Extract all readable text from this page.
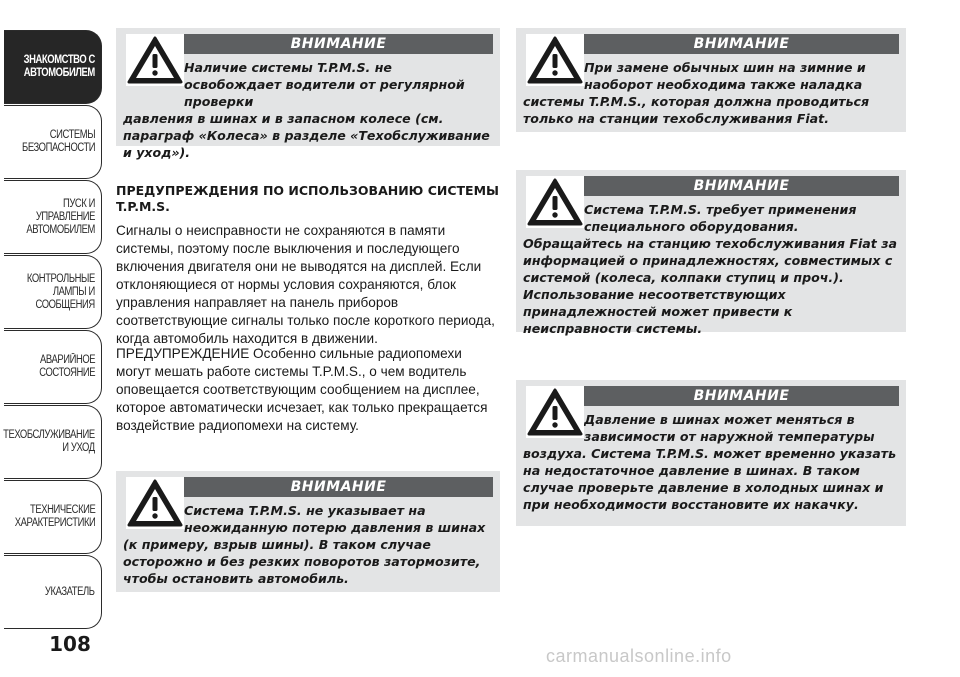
ЗНАКОМСТВО С
АВТОМОБИЛЕМ
СИСТЕМЫ
БЕЗОПАСНОСТИ
ПУСК И УПРАВЛЕНИЕ
АВТОМОБИЛЕМ
КОНТРОЛЬНЫЕ
ЛАМПЫ И
СООБЩЕНИЯ
АВАРИЙНОЕ
СОСТОЯНИЕ
ТЕХОБСЛУЖИВАНИЕ
И УХОД
ТЕХНИЧЕСКИЕ
ХАРАКТЕРИСТИКИ
УКАЗАТЕЛЬ
108
ВНИМАНИЕ
Наличие системы T.P.M.S. не освобождает водители от регулярной проверки
давления в шинах и в запасном колесе (см. параграф «Колеса» в разделе «Техобслуживание и уход»).
ПРЕДУПРЕЖДЕНИЯ ПО ИСПОЛЬЗОВАНИЮ СИСТЕМЫ T.P.M.S.
Сигналы о неисправности не сохраняются в памяти системы, поэтому после выключения и последующего включения двигателя они не выводятся на дисплей. Если отклоняющиеся от нормы условия сохраняются, блок управления направляет на панель приборов соответствующие сигналы только после короткого периода, когда автомобиль находится в движении.
ПРЕДУПРЕЖДЕНИЕ Особенно сильные радиопомехи могут мешать работе системы T.P.M.S., о чем водитель оповещается соответствующим сообщением на дисплее, которое автоматически исчезает, как только прекращается воздействие радиопомехи на систему.
ВНИМАНИЕ
Система T.P.M.S. не указывает на неожиданную потерю давления в шинах
(к примеру, взрыв шины). В таком случае осторожно и без резких поворотов затормозите, чтобы остановить автомобиль.
ВНИМАНИЕ
При замене обычных шин на зимние и наоборот необходима также наладка
системы T.P.M.S., которая должна проводиться только на станции техобслуживания Fiat.
ВНИМАНИЕ
Система T.P.M.S. требует применения специального оборудования.
Обращайтесь на станцию техобслуживания Fiat за информацией о принадлежностях, совместимых с системой (колеса, колпаки ступиц и проч.). Использование несоответствующих принадлежностей может привести к неисправности системы.
ВНИМАНИЕ
Давление в шинах может меняться в зависимости от наружной температуры
воздуха. Система T.P.M.S. может временно указать на недостаточное давление в шинах. В таком случае проверьте давление в холодных шинах и при необходимости восстановите их накачку.
carmanualsonline.info
